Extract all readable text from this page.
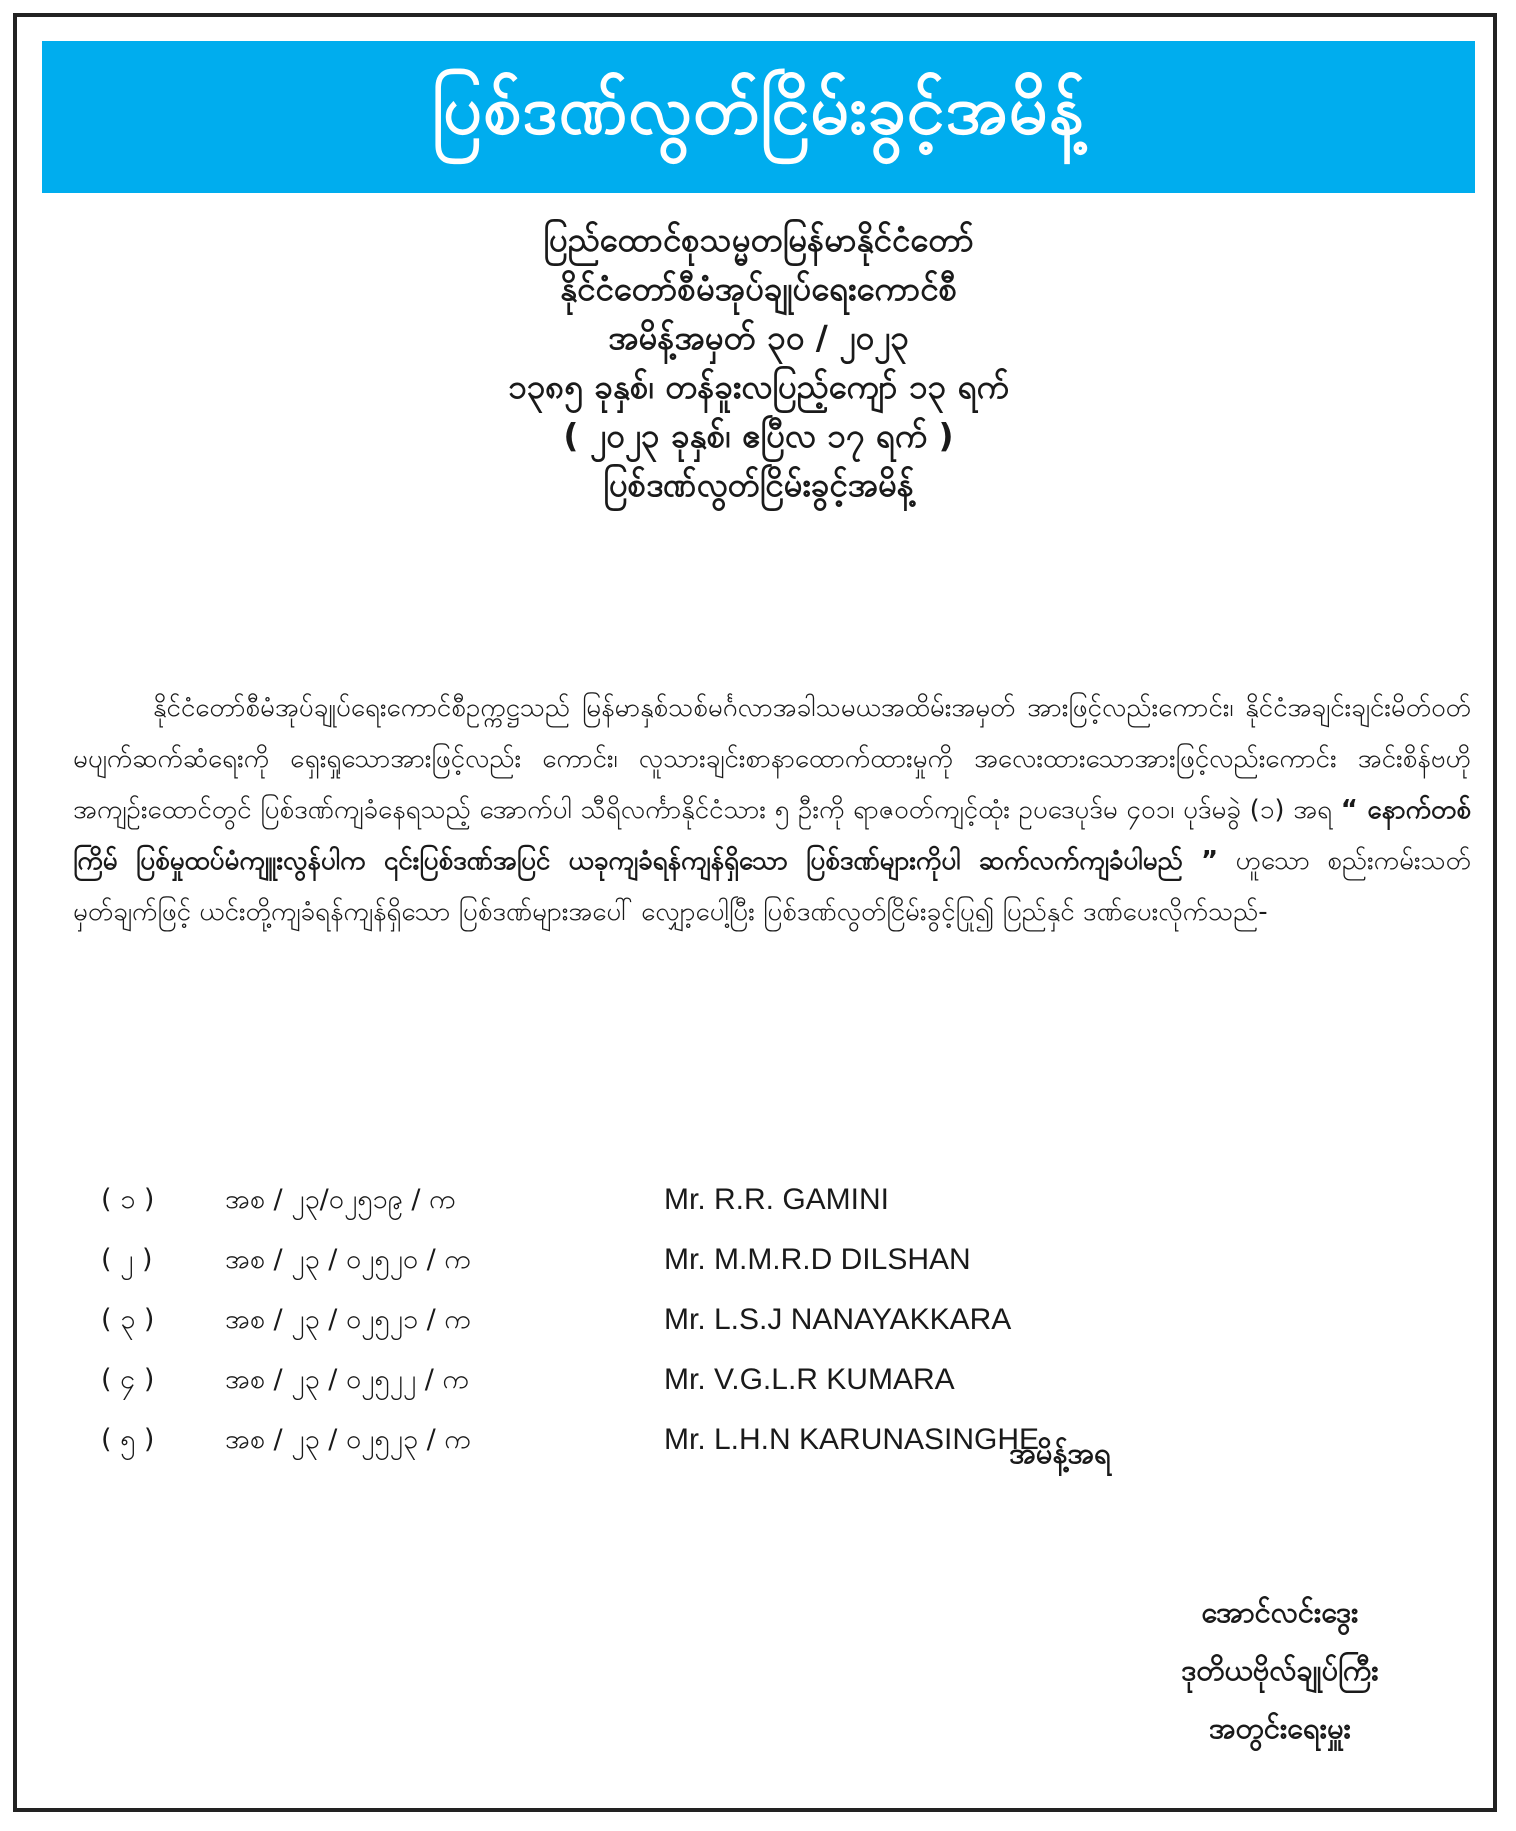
ပြစ်ဒဏ်လွတ်ငြိမ်းခွင့်အမိန့်
ပြည်ထောင်စုသမ္မတမြန်မာနိုင်ငံတော်
နိုင်ငံတော်စီမံအုပ်ချုပ်ရေးကောင်စီ
အမိန့်အမှတ် ၃၀ / ၂၀၂၃
၁၃၈၅ ခုနှစ်၊ တန်ခူးလပြည့်ကျော် ၁၃ ရက်
( ၂၀၂၃ ခုနှစ်၊ ဧပြီလ ၁၇ ရက် )
ပြစ်ဒဏ်လွတ်ငြိမ်းခွင့်အမိန့်
နိုင်ငံတော်စီမံအုပ်ချုပ်ရေးကောင်စီဥက္ကဋ္ဌသည် မြန်မာနှစ်သစ်မင်္ဂလာအခါသမယအထိမ်းအမှတ် အားဖြင့်လည်းကောင်း၊ နိုင်ငံအချင်းချင်းမိတ်ဝတ်မပျက်ဆက်ဆံရေးကို ရှေးရှုသောအားဖြင့်လည်း ကောင်း၊ လူသားချင်းစာနာထောက်ထားမှုကို အလေးထားသောအားဖြင့်လည်းကောင်း အင်းစိန်ဗဟို အကျဉ်းထောင်တွင် ပြစ်ဒဏ်ကျခံနေရသည့် အောက်ပါ သီရိလင်္ကာနိုင်ငံသား ၅ ဦးကို ရာဇဝတ်ကျင့်ထုံး ဥပဒေပုဒ်မ ၄၀၁၊ ပုဒ်မခွဲ (၁) အရ “ နောက်တစ်ကြိမ် ပြစ်မှုထပ်မံကျူးလွန်ပါက ၎င်းပြစ်ဒဏ်အပြင် ယခုကျခံရန်ကျန်ရှိသော ပြစ်ဒဏ်များကိုပါ ဆက်လက်ကျခံပါမည် ” ဟူသော စည်းကမ်းသတ်မှတ်ချက်ဖြင့် ယင်းတို့ကျခံရန်ကျန်ရှိသော ပြစ်ဒဏ်များအပေါ် လျှော့ပေါ့ပြီး ပြစ်ဒဏ်လွတ်ငြိမ်းခွင့်ပြု၍ ပြည်နှင် ဒဏ်ပေးလိုက်သည်-
( ၁ )	အစ / ၂၃/၀၂၅၁၉ / က	Mr. R.R. GAMINI
( ၂ )	အစ / ၂၃ / ၀၂၅၂၀ / က	Mr. M.M.R.D DILSHAN
( ၃ )	အစ / ၂၃ / ၀၂၅၂၁ / က	Mr. L.S.J NANAYAKKARA
( ၄ )	အစ / ၂၃ / ၀၂၅၂၂ / က	Mr. V.G.L.R KUMARA
( ၅ )	အစ / ၂၃ / ၀၂၅၂၃ / က	Mr. L.H.N KARUNASINGHE
အမိန့်အရ
အောင်လင်းဒွေး
ဒုတိယဗိုလ်ချုပ်ကြီး
အတွင်းရေးမှူး
